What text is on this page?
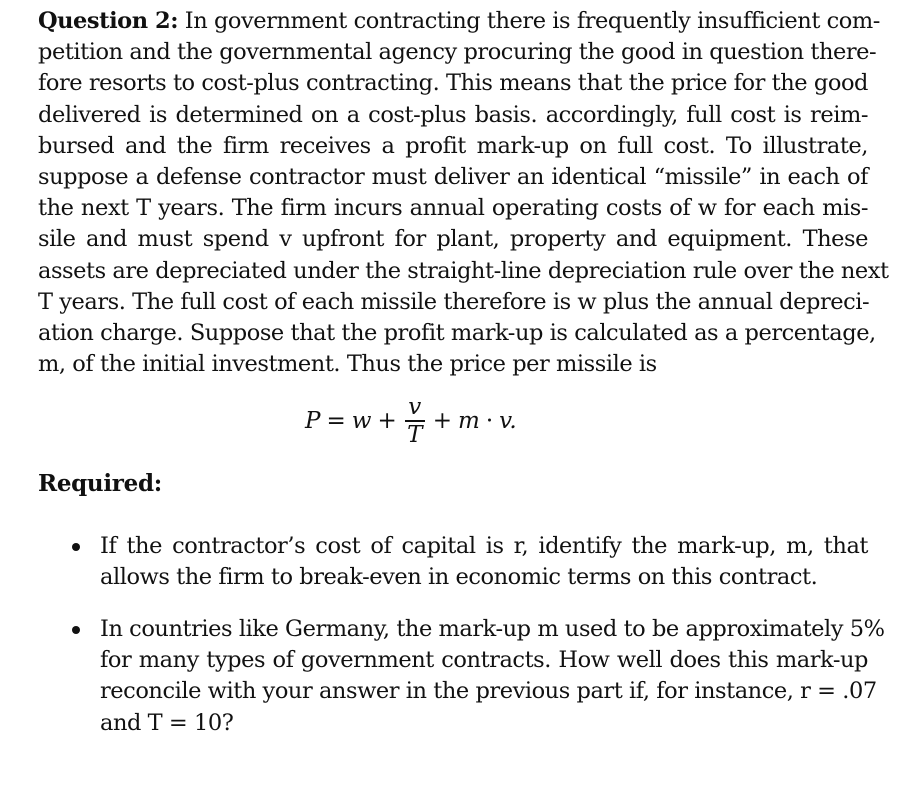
Question 2: In government contracting there is frequently insufficient com-
petition and the governmental agency procuring the good in question there-
fore resorts to cost-plus contracting. This means that the price for the good
delivered is determined on a cost-plus basis. accordingly, full cost is reim-
bursed and the firm receives a profit mark-up on full cost. To illustrate,
suppose a defense contractor must deliver an identical “missile” in each of
the next T years. The firm incurs annual operating costs of w for each mis-
sile and must spend v upfront for plant, property and equipment. These
assets are depreciated under the straight-line depreciation rule over the next
T years. The full cost of each missile therefore is w plus the annual depreci-
ation charge. Suppose that the profit mark-up is calculated as a percentage,
m, of the initial investment. Thus the price per missile is
$P = w + \frac{v}{T} + m \cdot v$.
Required:
If the contractor’s cost of capital is r, identify the mark-up, m, that
allows the firm to break-even in economic terms on this contract.
In countries like Germany, the mark-up m used to be approximately 5%
for many types of government contracts. How well does this mark-up
reconcile with your answer in the previous part if, for instance, r = .07
and T = 10?
